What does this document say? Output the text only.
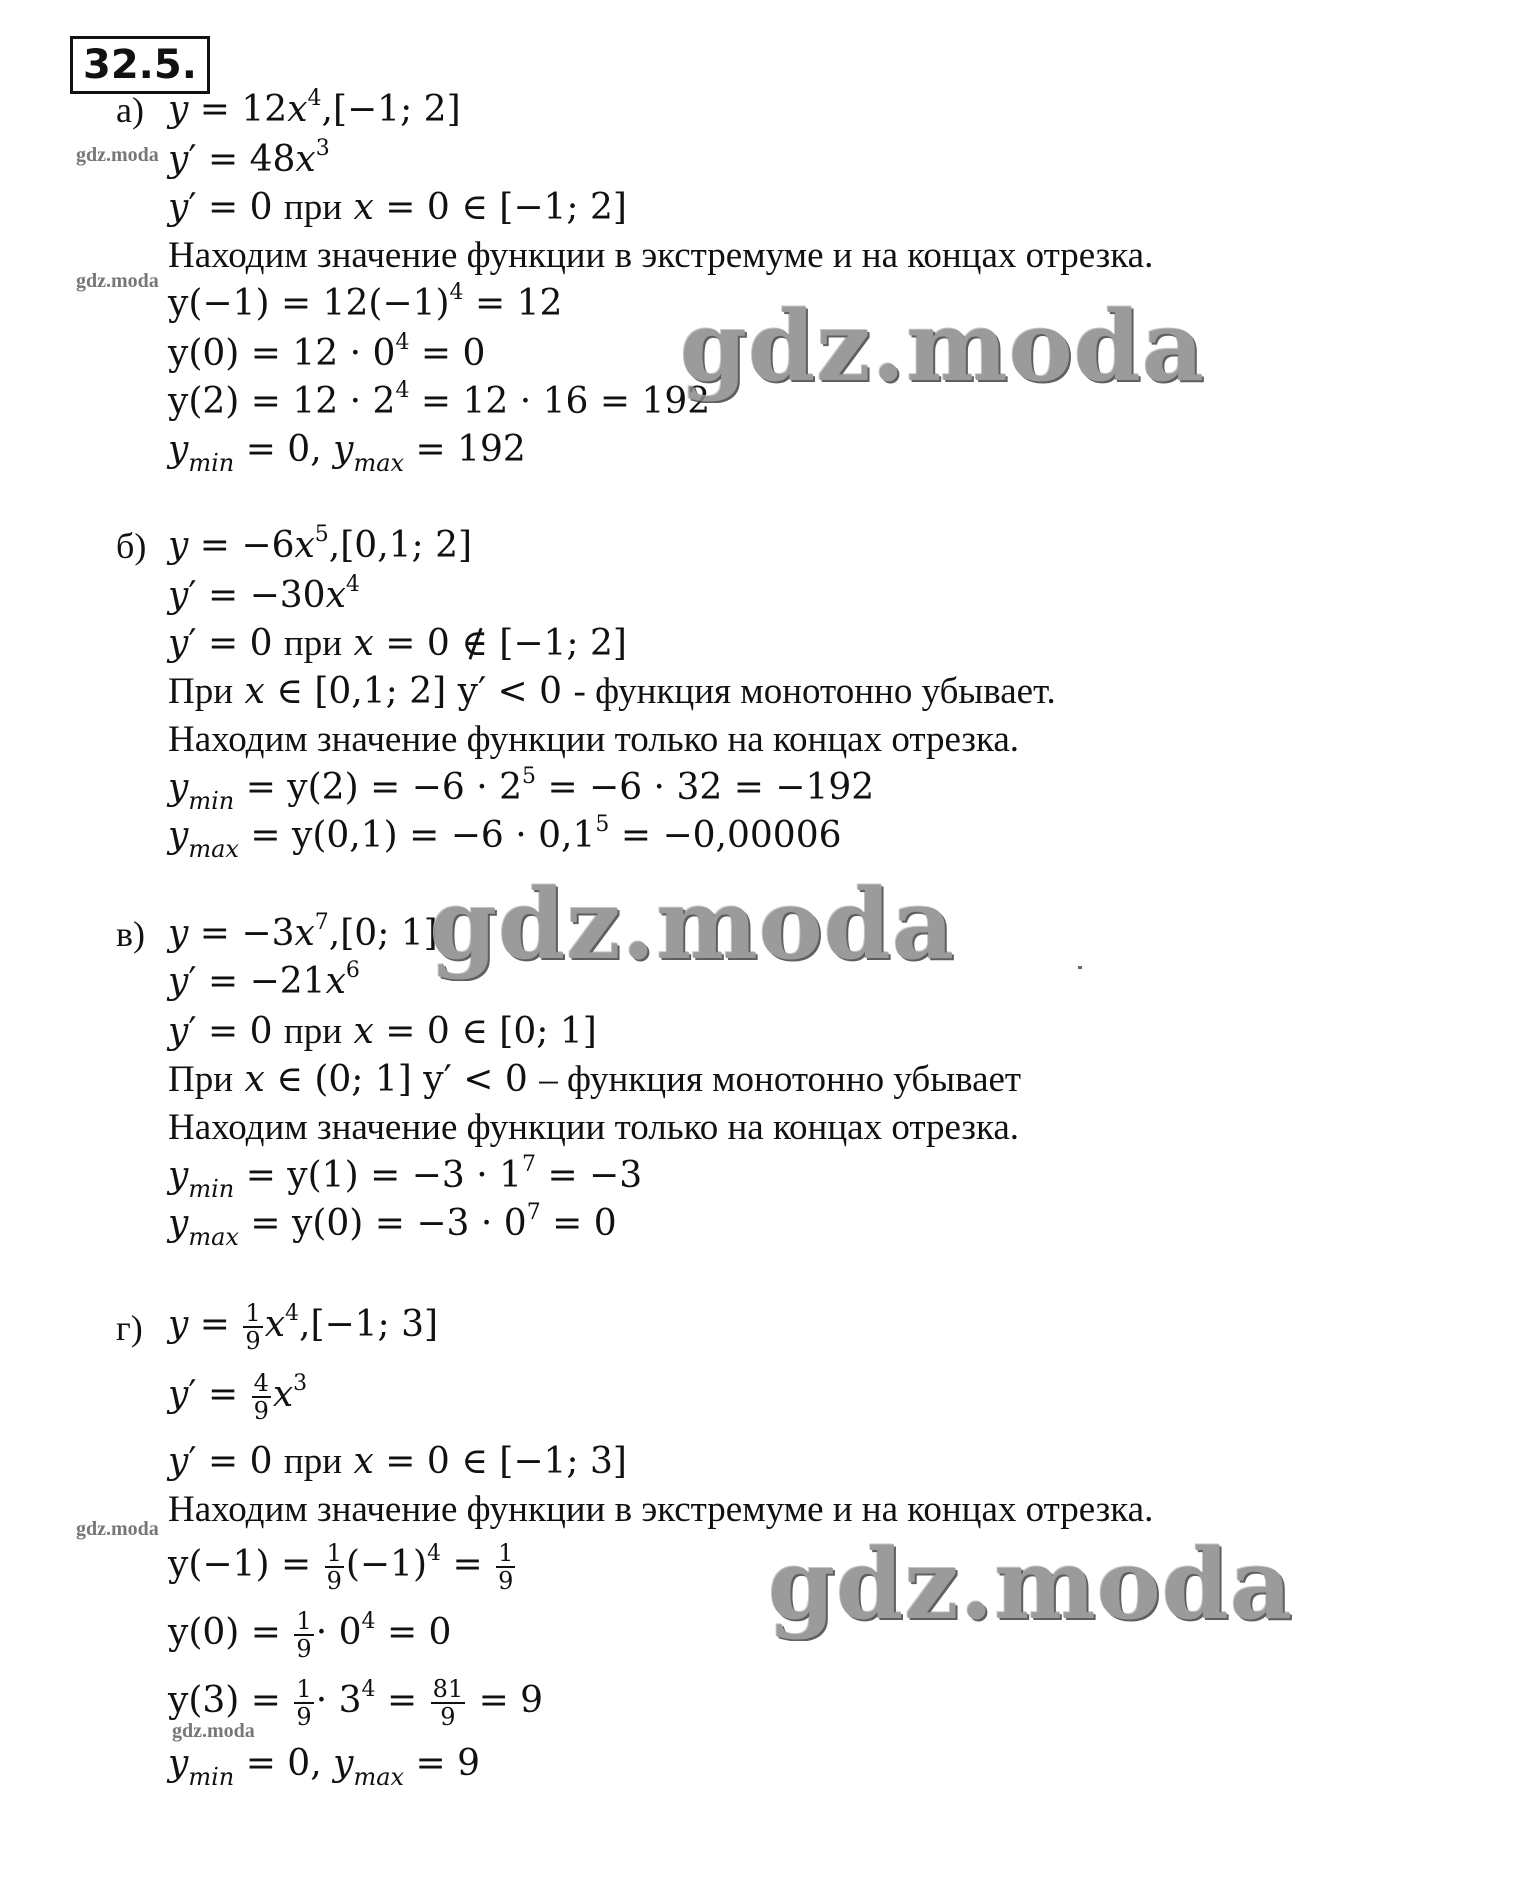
32.5.
а) $y = 12x^4,[-1$; 2]
$y' = 48x^3$
y′ = 0 при x = 0 ∈ [−1; 2]
Находим значение функции в экстремуме и на концах отрезка.
$y(-1) = 12(-1)^4 = 12$
$y(0) = 12 \cdot 0^4 = 0$
$y(2) = 12 \cdot 2^4 = 12 \cdot 16 = 192$
$y_{min} = 0$, $y_{max} = 192$
б) $y = -6x^5,[0,1$; 2]
$y' = -30x^4$
y′ = 0 при x = 0 ∉ [−1; 2]
При x ∈ [0,1; 2] y′ < 0 - функция монотонно убывает.
Находим значение функции только на концах отрезка.
$y_{min} = y(2) = -6 \cdot 2^5 = -6 \cdot 32 = -192$
$y_{max} = y(0,1) = -6 \cdot 0,1^5 = -0,00006$
в) $y = -3x^7,[0$; 1]
$y' = -21x^6$
y′ = 0 при x = 0 ∈ [0; 1]
При x ∈ (0; 1] y′ < 0 – функция монотонно убывает
Находим значение функции только на концах отрезка.
$y_{min} = y(1) = -3 \cdot 1^7 = -3$
$y_{max} = y(0) = -3 \cdot 0^7 = 0$
г) $y = \frac{1}{9} x^4,[-1$; 3]
$y' = \frac{4}{9} x^3$
y′ = 0 при x = 0 ∈ [−1; 3]
Находим значение функции в экстремуме и на концах отрезка.
$y(-1) = \frac{1}{9} (-1)^4 = \frac{1}{9}$
$y(0) = \frac{1}{9} \cdot 0^4 = 0$
$y(3) = \frac{1}{9} \cdot 3^4 = \frac{81}{9} = 9$
$y_{min} = 0$, $y_{max} = 9$
gdz.moda
gdz.moda
gdz.moda
gdz.moda
gdz.moda
gdz.moda
gdz.moda
